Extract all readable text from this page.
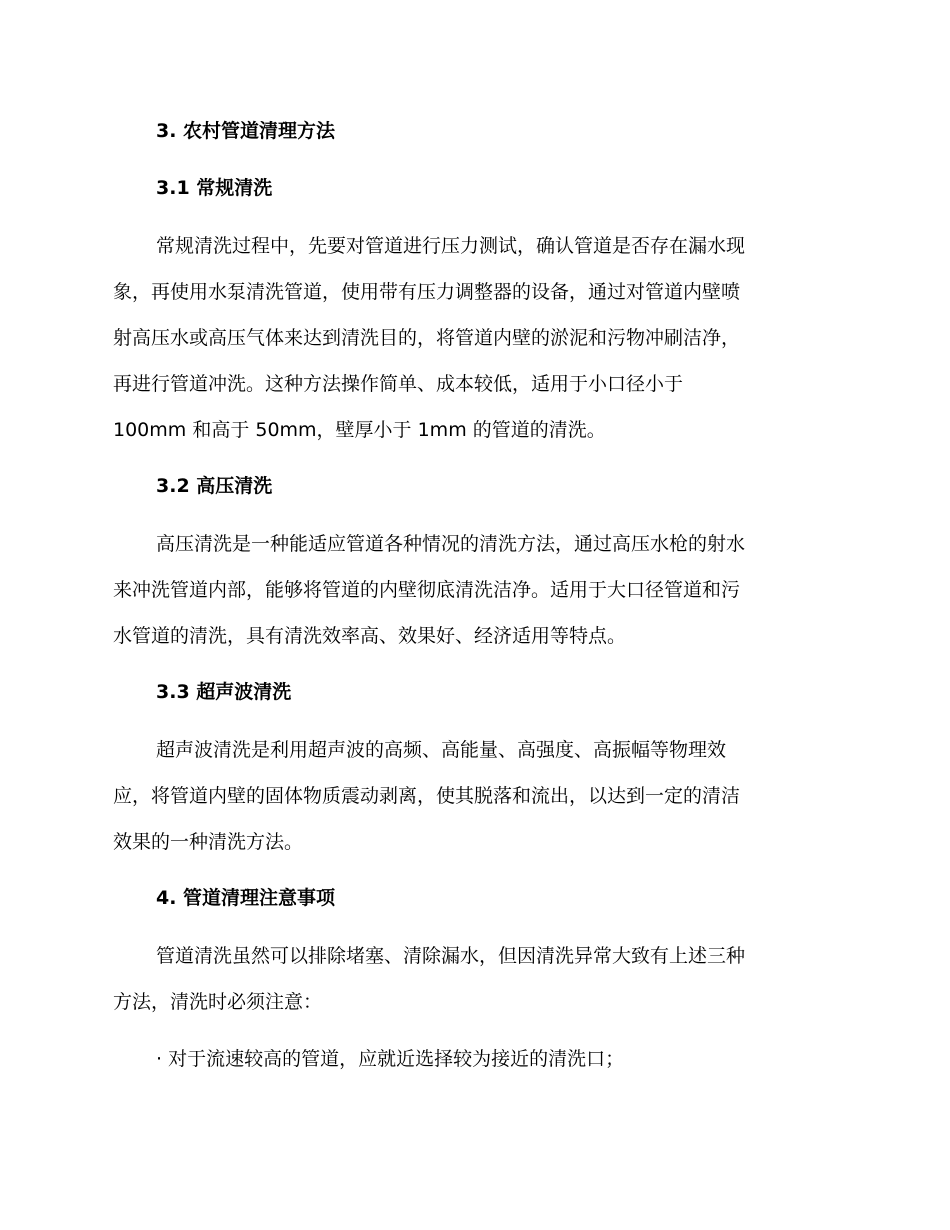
3. 农村管道清理方法
3.1 常规清洗

常规清洗过程中，先要对管道进行压力测试，确认管道是否存在漏水现
象，再使用水泵清洗管道，使用带有压力调整器的设备，通过对管道内壁喷
射高压水或高压气体来达到清洗目的，将管道内壁的淤泥和污物冲刷洁净，
再进行管道冲洗。这种方法操作简单、成本较低，适用于小口径小于
100mm 和高于 50mm，壁厚小于 1mm 的管道的清洗。

3.2 高压清洗

高压清洗是一种能适应管道各种情况的清洗方法，通过高压水枪的射水
来冲洗管道内部，能够将管道的内壁彻底清洗洁净。适用于大口径管道和污
水管道的清洗，具有清洗效率高、效果好、经济适用等特点。

3.3 超声波清洗

超声波清洗是利用超声波的高频、高能量、高强度、高振幅等物理效
应，将管道内壁的固体物质震动剥离，使其脱落和流出，以达到一定的清洁
效果的一种清洗方法。

4. 管道清理注意事项

管道清洗虽然可以排除堵塞、清除漏水，但因清洗异常大致有上述三种
方法，清洗时必须注意：

· 对于流速较高的管道，应就近选择较为接近的清洗口；
